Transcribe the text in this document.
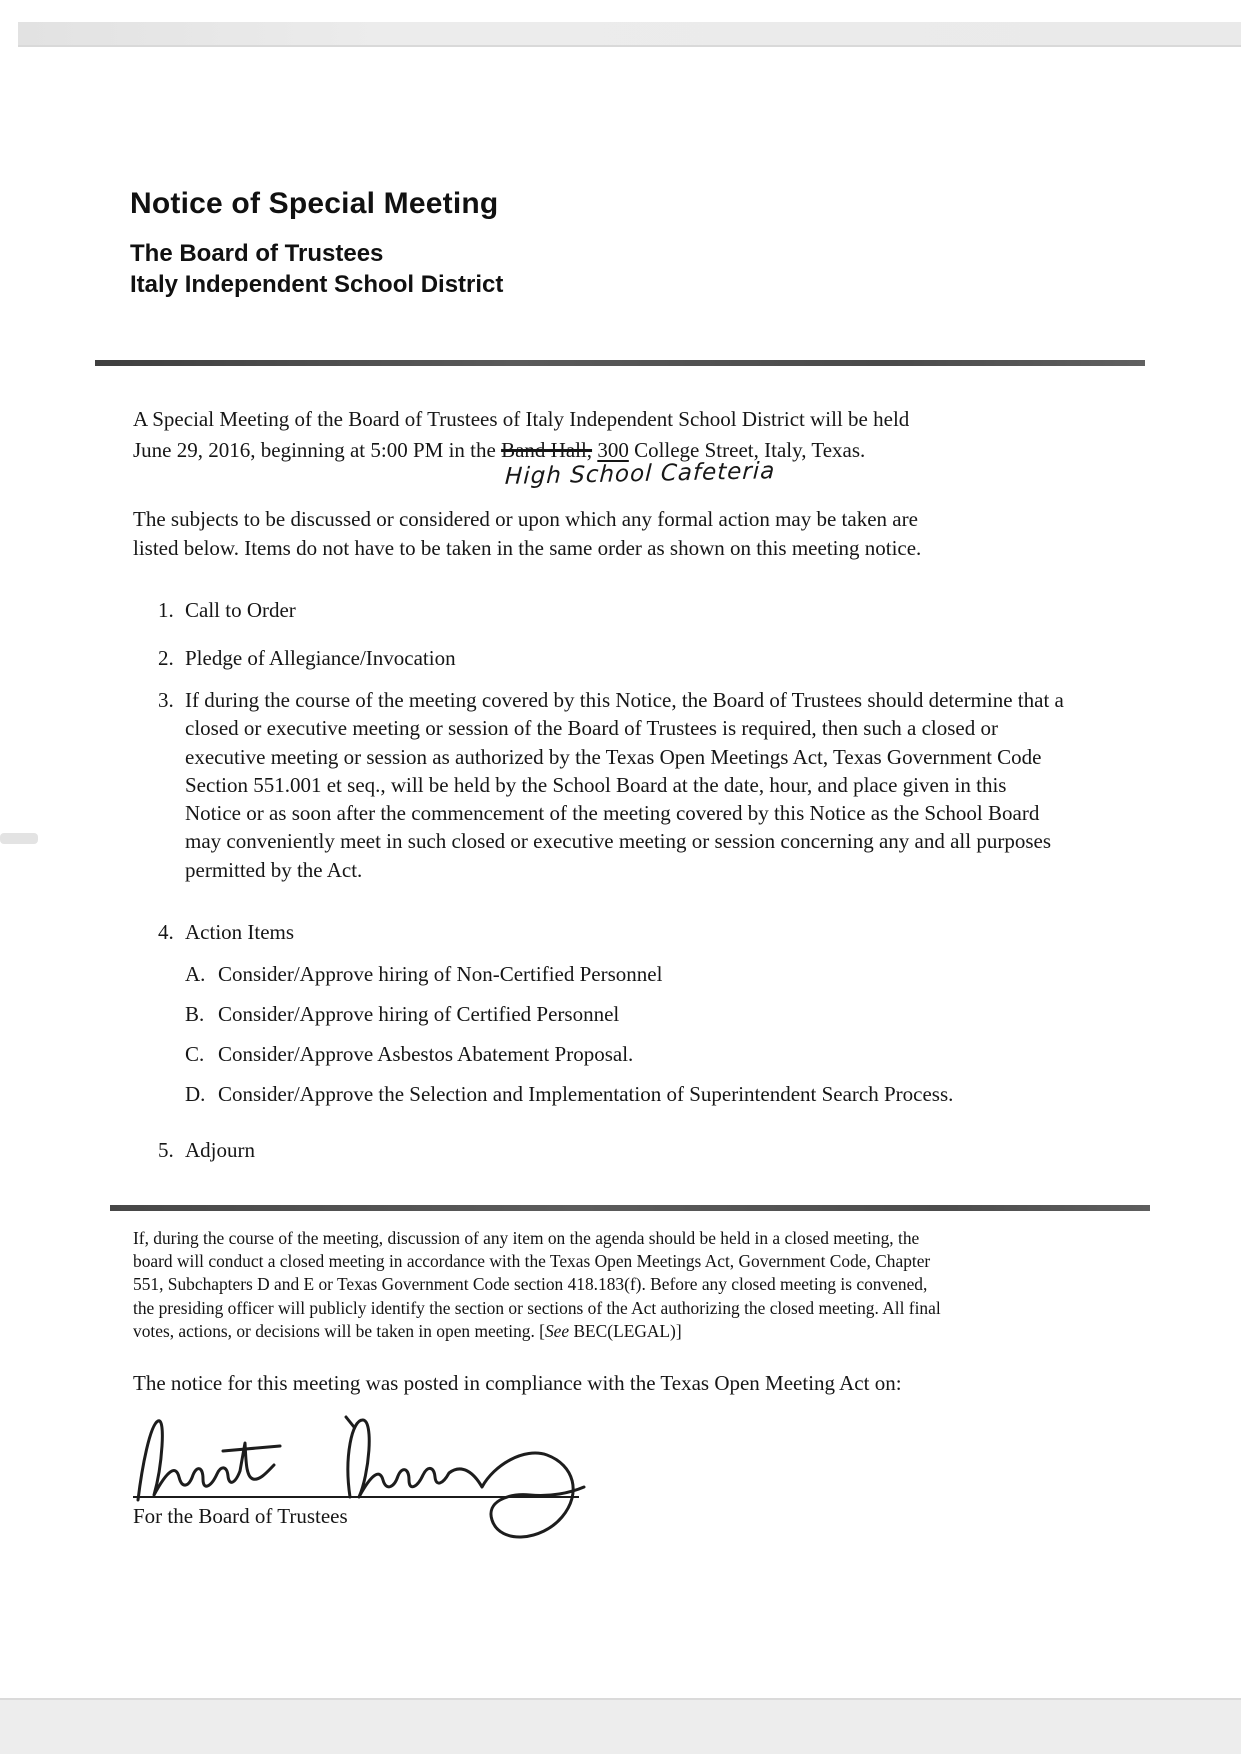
Notice of Special Meeting
The Board of Trustees
Italy Independent School District
A Special Meeting of the Board of Trustees of Italy Independent School District will be held
June 29, 2016, beginning at 5:00 PM in the Band Hall, 300 College Street, Italy, Texas.
High School Cafeteria
The subjects to be discussed or considered or upon which any formal action may be taken are
listed below. Items do not have to be taken in the same order as shown on this meeting notice.
1. Call to Order
2. Pledge of Allegiance/Invocation
3. If during the course of the meeting covered by this Notice, the Board of Trustees should determine that a closed or executive meeting or session of the Board of Trustees is required, then such a closed or executive meeting or session as authorized by the Texas Open Meetings Act, Texas Government Code Section 551.001 et seq., will be held by the School Board at the date, hour, and place given in this Notice or as soon after the commencement of the meeting covered by this Notice as the School Board may conveniently meet in such closed or executive meeting or session concerning any and all purposes permitted by the Act.
4. Action Items
A. Consider/Approve hiring of Non-Certified Personnel
B. Consider/Approve hiring of Certified Personnel
C. Consider/Approve Asbestos Abatement Proposal.
D. Consider/Approve the Selection and Implementation of Superintendent Search Process.
5. Adjourn
If, during the course of the meeting, discussion of any item on the agenda should be held in a closed meeting, the
board will conduct a closed meeting in accordance with the Texas Open Meetings Act, Government Code, Chapter
551, Subchapters D and E or Texas Government Code section 418.183(f). Before any closed meeting is convened,
the presiding officer will publicly identify the section or sections of the Act authorizing the closed meeting. All final
votes, actions, or decisions will be taken in open meeting. [See BEC(LEGAL)]
The notice for this meeting was posted in compliance with the Texas Open Meeting Act on:
For the Board of Trustees
